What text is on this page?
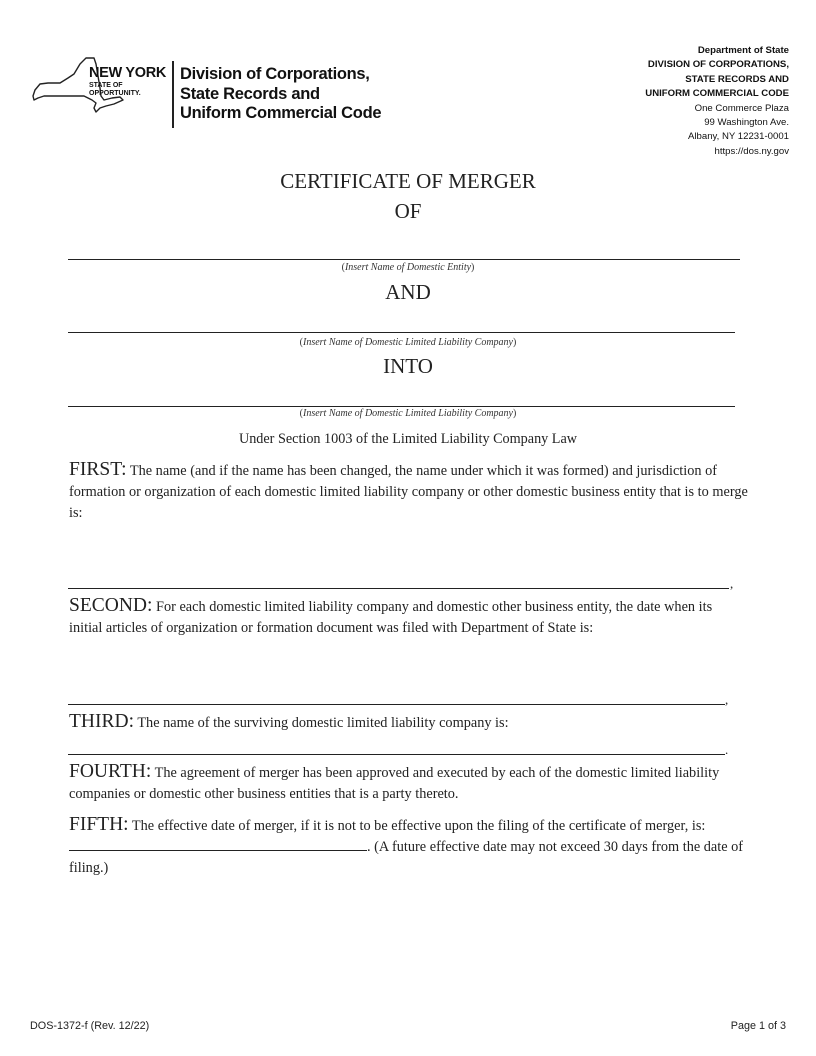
NEW YORK
STATE OF
OPPORTUNITY.
Division of Corporations,
State Records and
Uniform Commercial Code
Department of State
DIVISION OF CORPORATIONS,
STATE RECORDS AND
UNIFORM COMMERCIAL CODE
One Commerce Plaza
99 Washington Ave.
Albany, NY 12231-0001
https://dos.ny.gov
CERTIFICATE OF MERGER
OF
(Insert Name of Domestic Entity)
AND
(Insert Name of Domestic Limited Liability Company)
INTO
(Insert Name of Domestic Limited Liability Company)
Under Section 1003 of the Limited Liability Company Law
FIRST: The name (and if the name has been changed, the name under which it was formed) and jurisdiction of formation or organization of each domestic limited liability company or other domestic business entity that is to merge is:
,
SECOND: For each domestic limited liability company and domestic other business entity, the date when its initial articles of organization or formation document was filed with Department of State is:
,
THIRD: The name of the surviving domestic limited liability company is:
.
FOURTH: The agreement of merger has been approved and executed by each of the domestic limited liability companies or domestic other business entities that is a party thereto.
FIFTH: The effective date of merger, if it is not to be effective upon the filing of the certificate of merger, is: . (A future effective date may not exceed 30 days from the date of filing.)
DOS-1372-f (Rev. 12/22)	Page 1 of 3
